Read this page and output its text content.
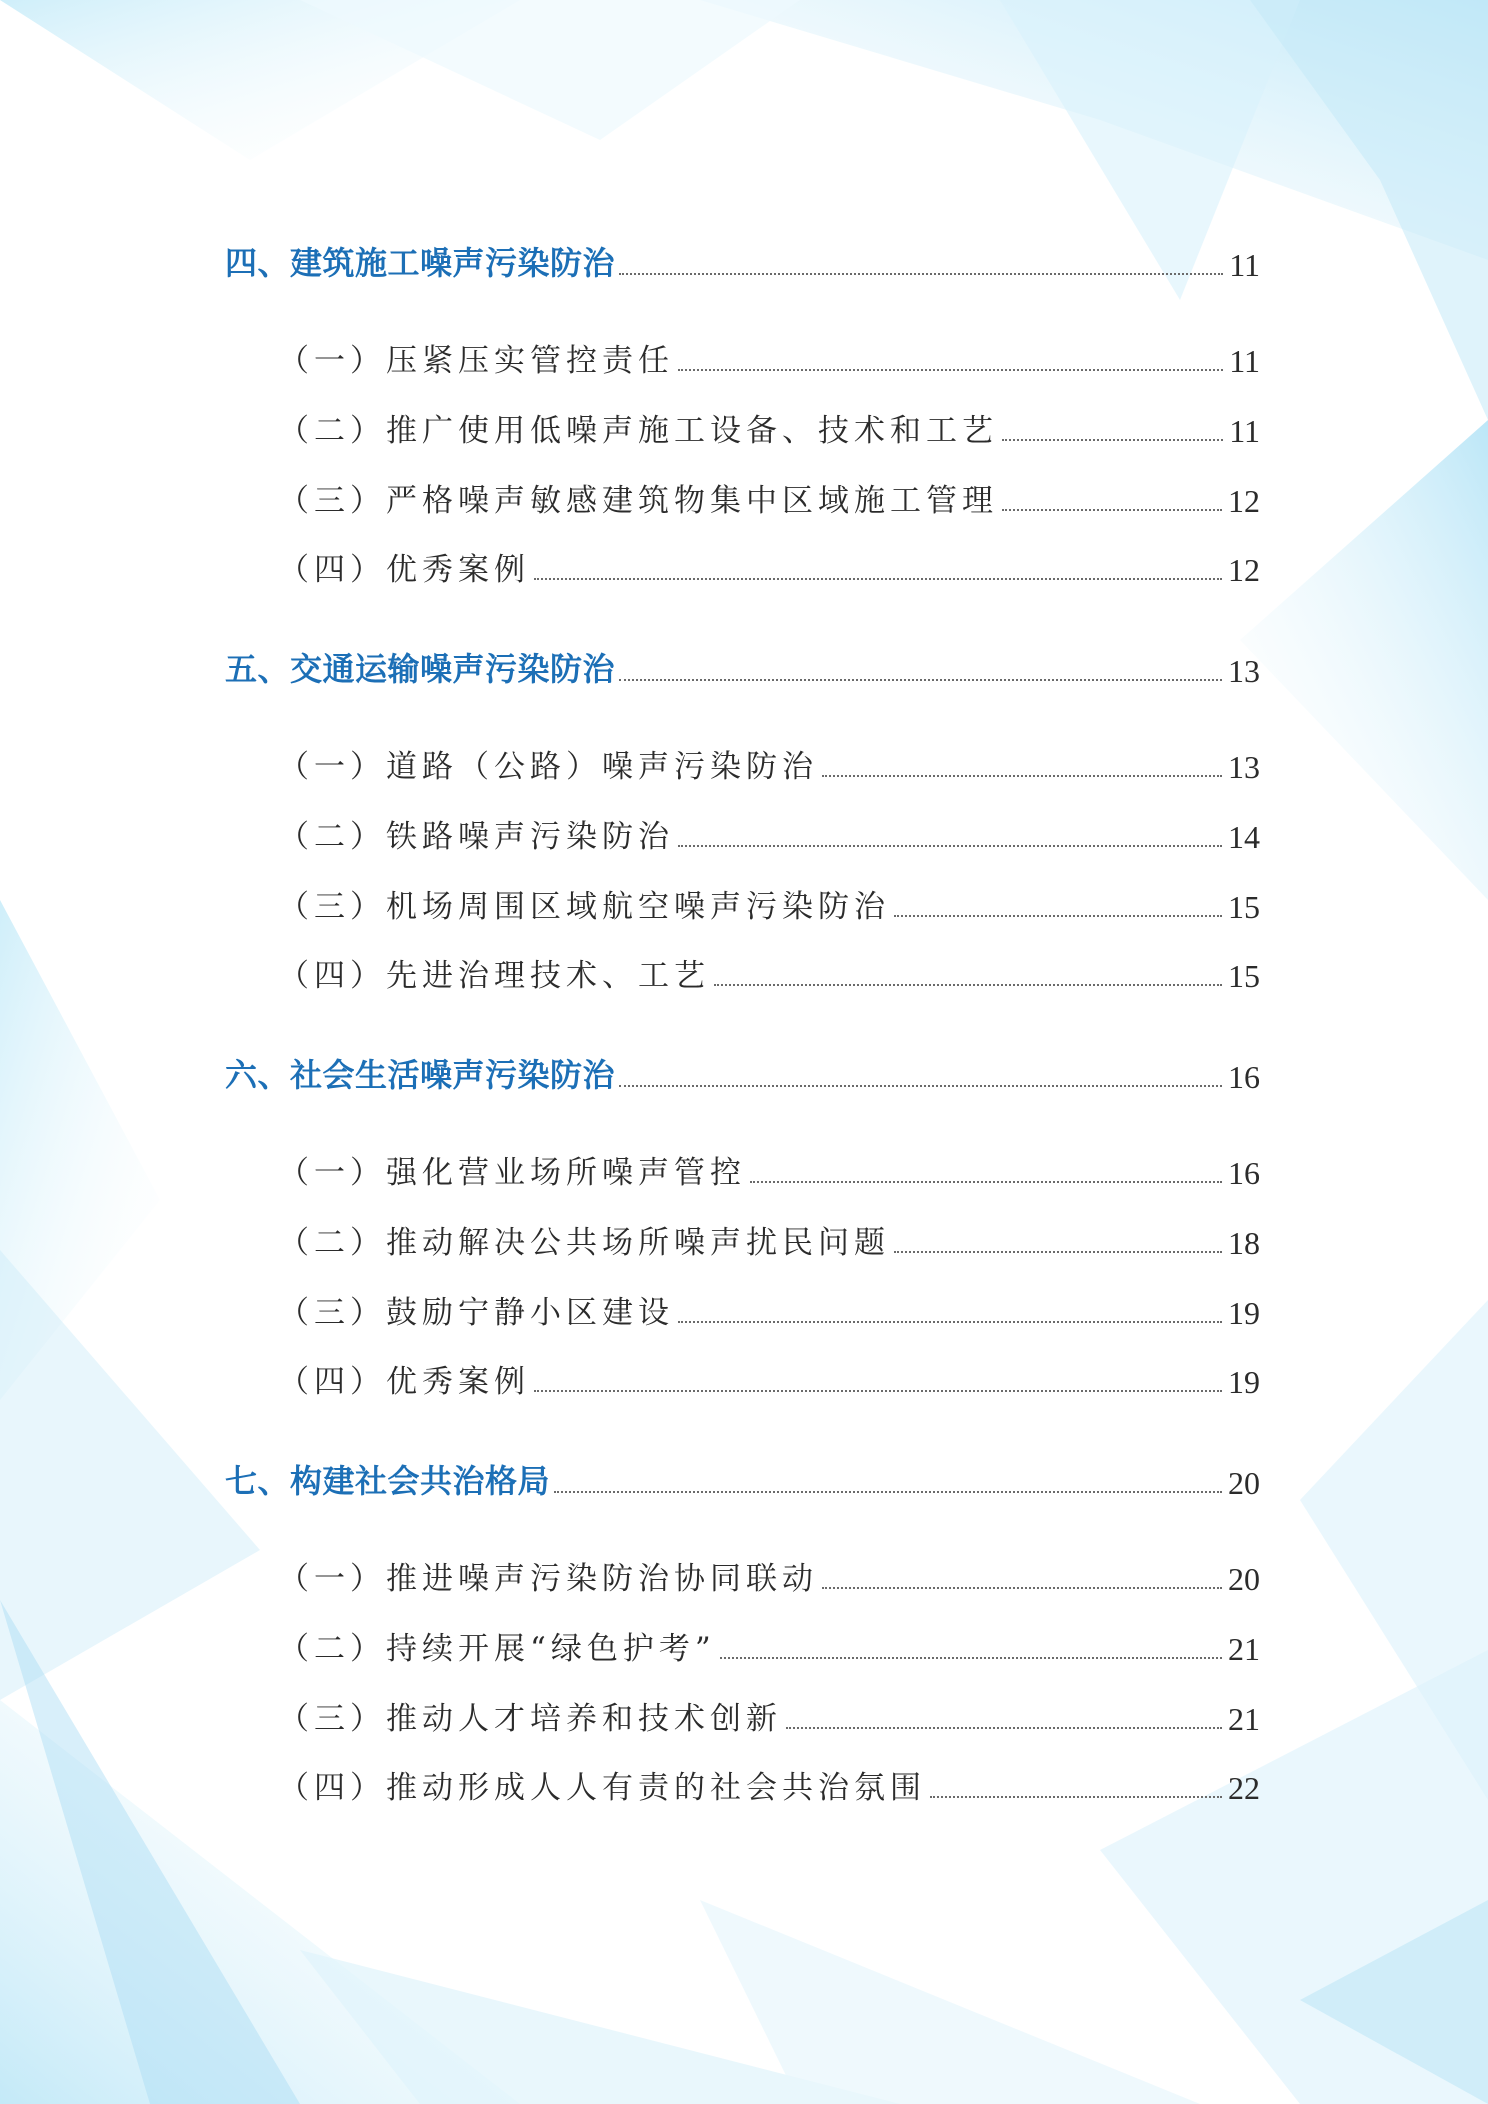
四、建筑施工噪声污染防治	11
（一）压紧压实管控责任	11
（二）推广使用低噪声施工设备、技术和工艺	11
（三）严格噪声敏感建筑物集中区域施工管理	12
（四）优秀案例	12
五、交通运输噪声污染防治	13
（一）道路（公路）噪声污染防治	13
（二）铁路噪声污染防治	14
（三）机场周围区域航空噪声污染防治	15
（四）先进治理技术、工艺	15
六、社会生活噪声污染防治	16
（一）强化营业场所噪声管控	16
（二）推动解决公共场所噪声扰民问题	18
（三）鼓励宁静小区建设	19
（四）优秀案例	19
七、构建社会共治格局	20
（一）推进噪声污染防治协同联动	20
（二）持续开展“绿色护考”	21
（三）推动人才培养和技术创新	21
（四）推动形成人人有责的社会共治氛围	22
